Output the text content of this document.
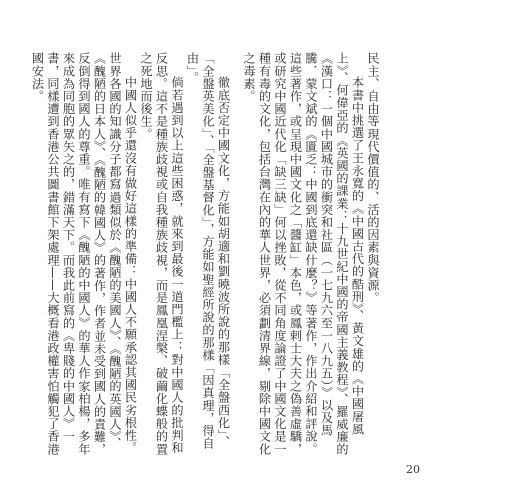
民主、自由等現代價值的、活的因素與資源。

本書中挑選了王永寬的《中國古代的酷刑》、黃文雄的《中國屠風上》、何偉亞的《英國的課業：十九世紀中國的帝國主義教程》、羅威廉的《漢口：一個中國城市的衝突和社區（一七九六至一八九五）》以及馬騰．蒙文斌的《匱乏：中國到底還缺什麼？》等著作，作出介紹和評說。這些著作，或呈現中國文化之「醬缸」本色，或鳳剌士大夫之偽善虛驕，或研究中國近代化「缺三缺」何以挫敗，從不同角度論證了中國文化是一種有毒的文化，包括台灣在內的華人世界，必須劃清界線，剔除中國文化之毒素。

徹底否定中國文化，方能如胡適和劉曉波所說的那樣「全盤西化」、「全盤英美化」、「全盤基督化」，方能如聖經所說的那樣「因真理，得自由」。

倘若遇到以上這些困惑，就來到最後一道門檻上：對中國人的批判和反思。這不是種族歧視或自我種族歧視，而是鳳凰涅槃、破繭化蝶般的置之死地而後生。

中國人似乎還沒有做好這樣的準備：中國人不願承認其國民劣根性。世界各國的知識分子都寫過類似於《醜陋的美國人》、《醜陋的英國人》、《醜陋的日本人》、《醜陋的韓國人》的著作，作者並未受到國人的責難，反倒得到國人的尊重。唯有寫下《醜陋的中國人》的華人作家柏楊，多年來成為同胞的眾矢之的，錯滿天下。而我此前寫的《卑賤的中國人》一書，同樣遭到香港公共圖書館下架處理——大概看港政權害怕觸犯了香港國安法。

20
